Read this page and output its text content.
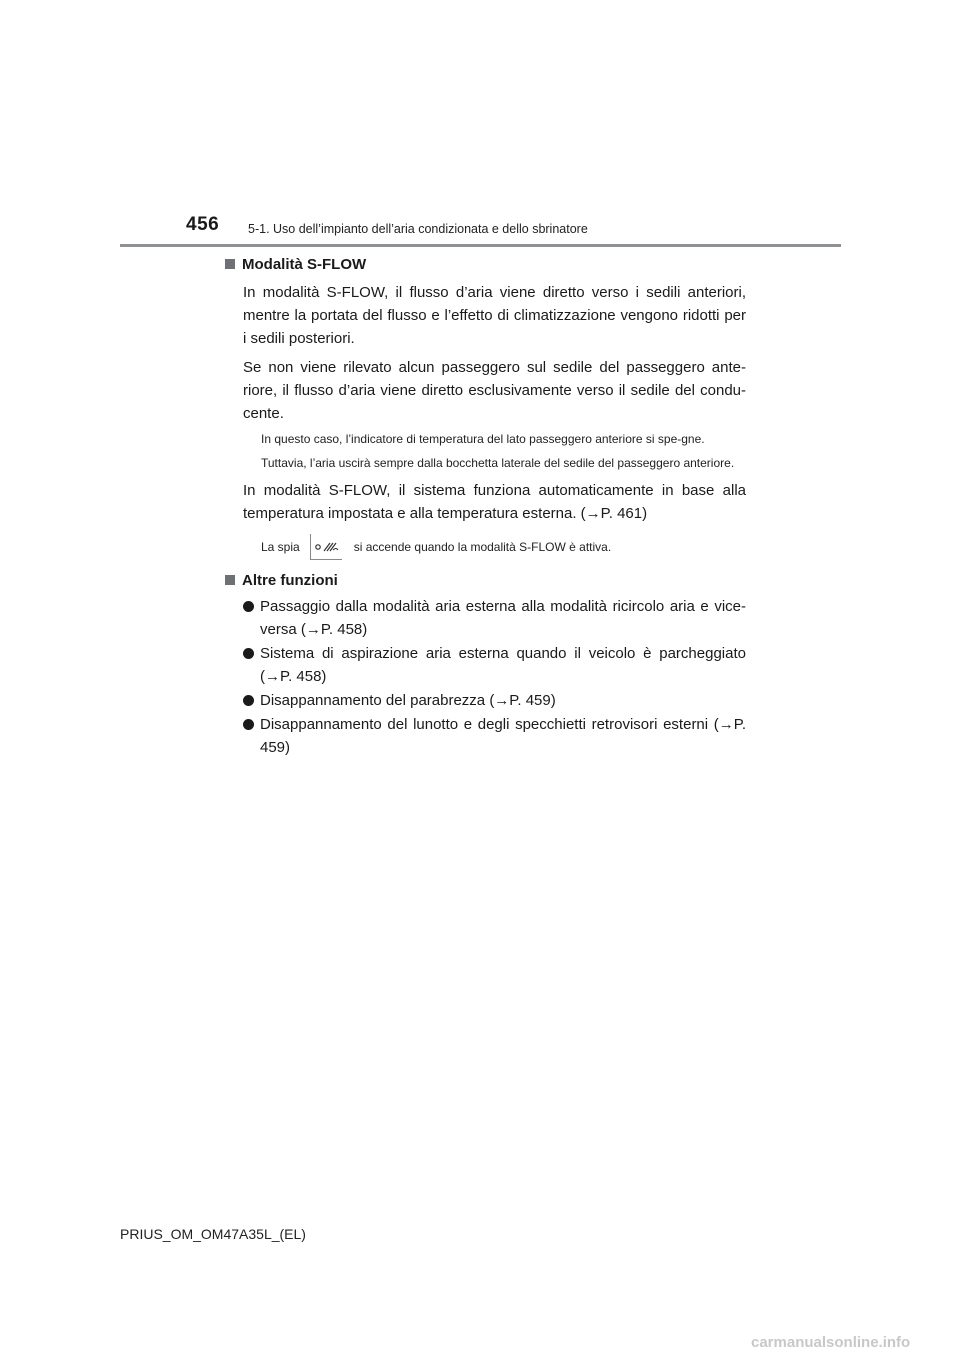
456 5-1. Uso dell’impianto dell’aria condizionata e dello sbrinatore
Modalità S-FLOW

In modalità S-FLOW, il flusso d’aria viene diretto verso i sedili anteriori, mentre la portata del flusso e l’effetto di climatizzazione vengono ridotti per i sedili posteriori.

Se non viene rilevato alcun passeggero sul sedile del passeggero ante-riore, il flusso d’aria viene diretto esclusivamente verso il sedile del condu-cente.

In questo caso, l’indicatore di temperatura del lato passeggero anteriore si spe-gne.

Tuttavia, l’aria uscirà sempre dalla bocchetta laterale del sedile del passeggero anteriore.

In modalità S-FLOW, il sistema funziona automaticamente in base alla temperatura impostata e alla temperatura esterna. (→P. 461)

La spia	si accende quando la modalità S-FLOW è attiva.
Altre funzioni
Passaggio dalla modalità aria esterna alla modalità ricircolo aria e vice-versa (→P. 458)
Sistema di aspirazione aria esterna quando il veicolo è parcheggiato (→P. 458)
Disappannamento del parabrezza (→P. 459)
Disappannamento del lunotto e degli specchietti retrovisori esterni (→P. 459)
PRIUS_OM_OM47A35L_(EL)
carmanualsonline.info
